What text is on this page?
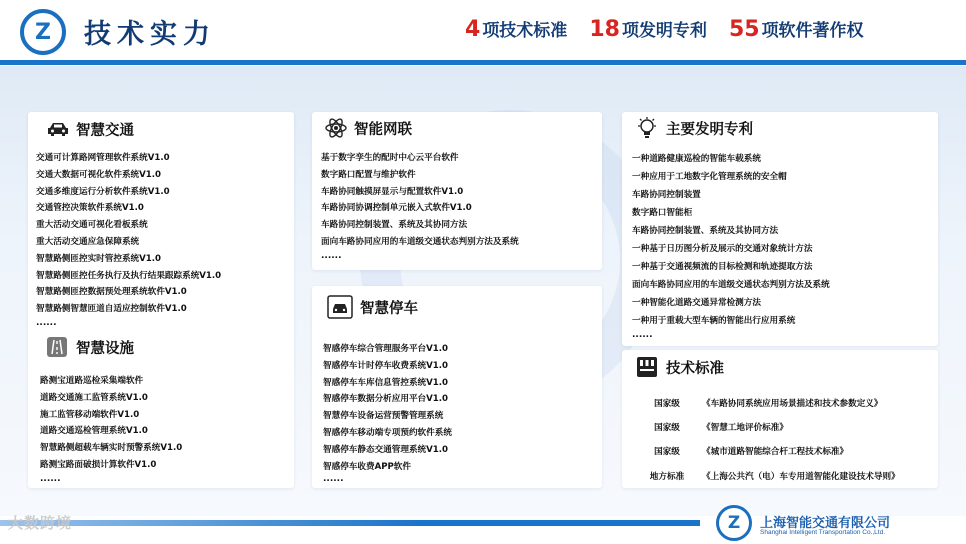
Z	技术实力	4 项技术标准 18 项发明专利 55 项软件著作权
智慧交通
交通可计算路网管理软件系统V1.0
交通大数据可视化软件系统V1.0
交通多维度运行分析软件系统V1.0
交通管控决策软件系统V1.0
重大活动交通可视化看板系统
重大活动交通应急保障系统
智慧路侧匝控实时管控系统V1.0
智慧路侧匝控任务执行及执行结果跟踪系统V1.0
智慧路侧匝控数据预处理系统软件V1.0
智慧路侧智慧匝道自适应控制软件V1.0
......
智慧设施
路测宝道路巡检采集端软件
道路交通施工监管系统V1.0
施工监管移动端软件V1.0
道路交通巡检管理系统V1.0
智慧路侧超载车辆实时预警系统V1.0
路测宝路面破损计算软件V1.0
......
智能网联
基于数字孪生的配时中心云平台软件
数字路口配置与维护软件
车路协同触摸屏显示与配置软件V1.0
车路协同协调控制单元嵌入式软件V1.0
车路协同控制装置、系统及其协同方法
面向车路协同应用的车道级交通状态判别方法及系统
......
智慧停车
智感停车综合管理服务平台V1.0
智感停车计时停车收费系统V1.0
智感停车车库信息管控系统V1.0
智感停车数据分析应用平台V1.0
智慧停车设备运营预警管理系统
智感停车移动端专项预约软件系统
智感停车静态交通管理系统V1.0
智感停车收费APP软件
......
主要发明专利
一种道路健康巡检的智能车载系统
一种应用于工地数字化管理系统的安全帽
车路协同控制装置
数字路口智能柜
车路协同控制装置、系统及其协同方法
一种基于日历图分析及展示的交通对象统计方法
一种基于交通视频流的目标检测和轨迹提取方法
面向车路协同应用的车道级交通状态判别方法及系统
一种智能化道路交通异常检测方法
一种用于重载大型车辆的智能出行应用系统
......
技术标准
国家级	《车路协同系统应用场景描述和技术参数定义》
国家级	《智慧工地评价标准》
国家级	《城市道路智能综合杆工程技术标准》
地方标准	《上海公共汽（电）车专用道智能化建设技术导则》
大数跨境	Z	上海智能交通有限公司
Shanghai Intelligent Transportation Co.,Ltd.
